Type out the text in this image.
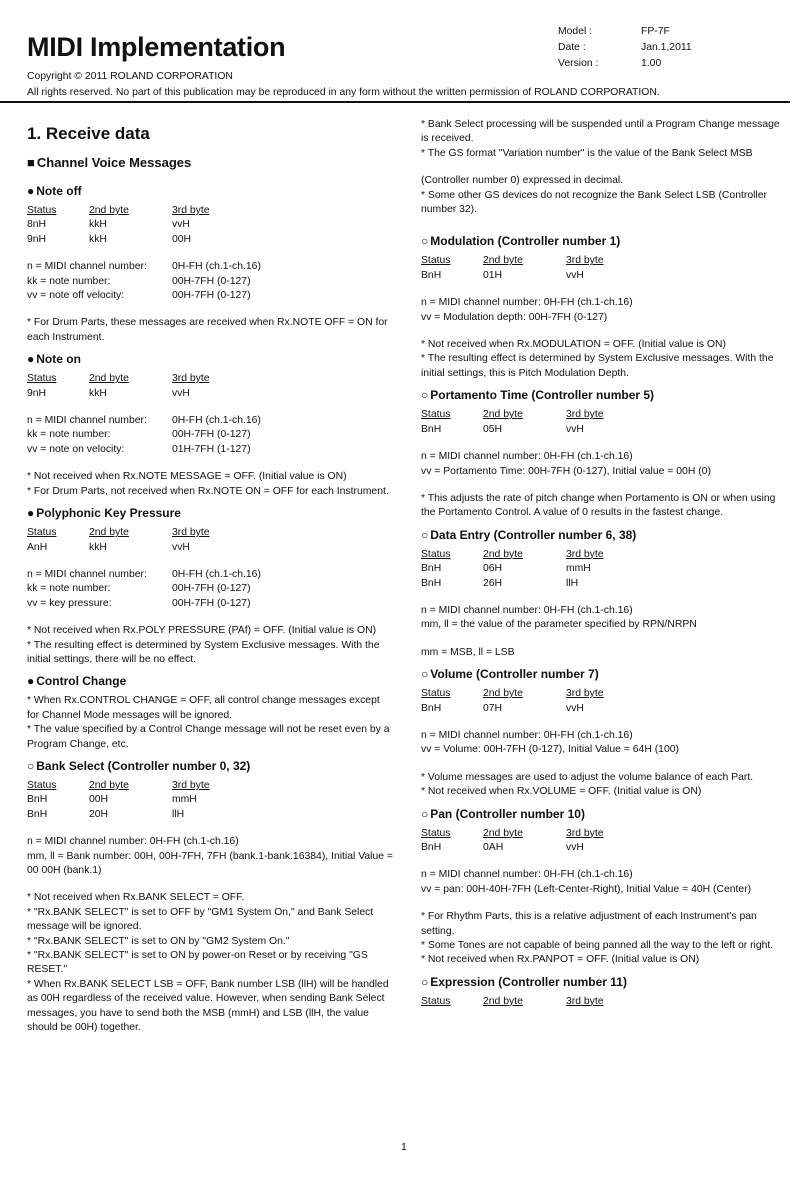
MIDI Implementation
Model :	FP-7F
Date :	Jan.1,2011
Version :	1.00
Copyright © 2011 ROLAND CORPORATION
All rights reserved. No part of this publication may be reproduced in any form without the written permission of ROLAND CORPORATION.
1. Receive data
■ Channel Voice Messages
● Note off
Status	2nd byte	3rd byte
8nH	kkH	vvH
9nH	kkH	00H
n = MIDI channel number:	0H-FH (ch.1-ch.16)
kk = note number:	00H-7FH (0-127)
vv = note off velocity:	00H-7FH (0-127)
* For Drum Parts, these messages are received when Rx.NOTE OFF = ON for each Instrument.
● Note on
Status	2nd byte	3rd byte
9nH	kkH	vvH
n = MIDI channel number:	0H-FH (ch.1-ch.16)
kk = note number:	00H-7FH (0-127)
vv = note on velocity:	01H-7FH (1-127)
* Not received when Rx.NOTE MESSAGE = OFF. (Initial value is ON)
* For Drum Parts, not received when Rx.NOTE ON = OFF for each Instrument.
● Polyphonic Key Pressure
Status	2nd byte	3rd byte
AnH	kkH	vvH
n = MIDI channel number:	0H-FH (ch.1-ch.16)
kk = note number:	00H-7FH (0-127)
vv = key pressure:	00H-7FH (0-127)
* Not received when Rx.POLY PRESSURE (PAf) = OFF. (Initial value is ON)
* The resulting effect is determined by System Exclusive messages. With the initial settings, there will be no effect.
● Control Change
* When Rx.CONTROL CHANGE = OFF, all control change messages except for Channel Mode messages will be ignored.
* The value specified by a Control Change message will not be reset even by a Program Change, etc.
○ Bank Select (Controller number 0, 32)
Status	2nd byte	3rd byte
BnH	00H	mmH
BnH	20H	llH
n = MIDI channel number: 0H-FH (ch.1-ch.16)
mm, ll = Bank number: 00H, 00H-7FH, 7FH (bank.1-bank.16384), Initial Value = 00 00H (bank.1)
* Not received when Rx.BANK SELECT = OFF.
* "Rx.BANK SELECT" is set to OFF by "GM1 System On," and Bank Select message will be ignored.
* "Rx.BANK SELECT" is set to ON by "GM2 System On."
* "Rx.BANK SELECT" is set to ON by power-on Reset or by receiving "GS RESET."
* When Rx.BANK SELECT LSB = OFF, Bank number LSB (llH) will be handled as 00H regardless of the received value. However, when sending Bank Select messages, you have to send both the MSB (mmH) and LSB (llH, the value should be 00H) together.
* Bank Select processing will be suspended until a Program Change message is received.
* The GS format "Variation number" is the value of the Bank Select MSB
(Controller number 0) expressed in decimal.
* Some other GS devices do not recognize the Bank Select LSB (Controller number 32).
○ Modulation (Controller number 1)
Status	2nd byte	3rd byte
BnH	01H	vvH
n = MIDI channel number: 0H-FH (ch.1-ch.16)
vv = Modulation depth: 00H-7FH (0-127)
* Not received when Rx.MODULATION = OFF. (Initial value is ON)
* The resulting effect is determined by System Exclusive messages. With the initial settings, this is Pitch Modulation Depth.
○ Portamento Time (Controller number 5)
Status	2nd byte	3rd byte
BnH	05H	vvH
n = MIDI channel number: 0H-FH (ch.1-ch.16)
vv = Portamento Time: 00H-7FH (0-127), Initial value = 00H (0)
* This adjusts the rate of pitch change when Portamento is ON or when using the Portamento Control. A value of 0 results in the fastest change.
○ Data Entry (Controller number 6, 38)
Status	2nd byte	3rd byte
BnH	06H	mmH
BnH	26H	llH
n = MIDI channel number: 0H-FH (ch.1-ch.16)
mm, ll = the value of the parameter specified by RPN/NRPN
mm = MSB, ll = LSB
○ Volume (Controller number 7)
Status	2nd byte	3rd byte
BnH	07H	vvH
n = MIDI channel number: 0H-FH (ch.1-ch.16)
vv = Volume: 00H-7FH (0-127), Initial Value = 64H (100)
* Volume messages are used to adjust the volume balance of each Part.
* Not received when Rx.VOLUME = OFF. (Initial value is ON)
○ Pan (Controller number 10)
Status	2nd byte	3rd byte
BnH	0AH	vvH
n = MIDI channel number: 0H-FH (ch.1-ch.16)
vv = pan: 00H-40H-7FH (Left-Center-Right), Initial Value = 40H (Center)
* For Rhythm Parts, this is a relative adjustment of each Instrument's pan setting.
* Some Tones are not capable of being panned all the way to the left or right.
* Not received when Rx.PANPOT = OFF. (Initial value is ON)
○ Expression (Controller number 11)
Status	2nd byte	3rd byte
1
